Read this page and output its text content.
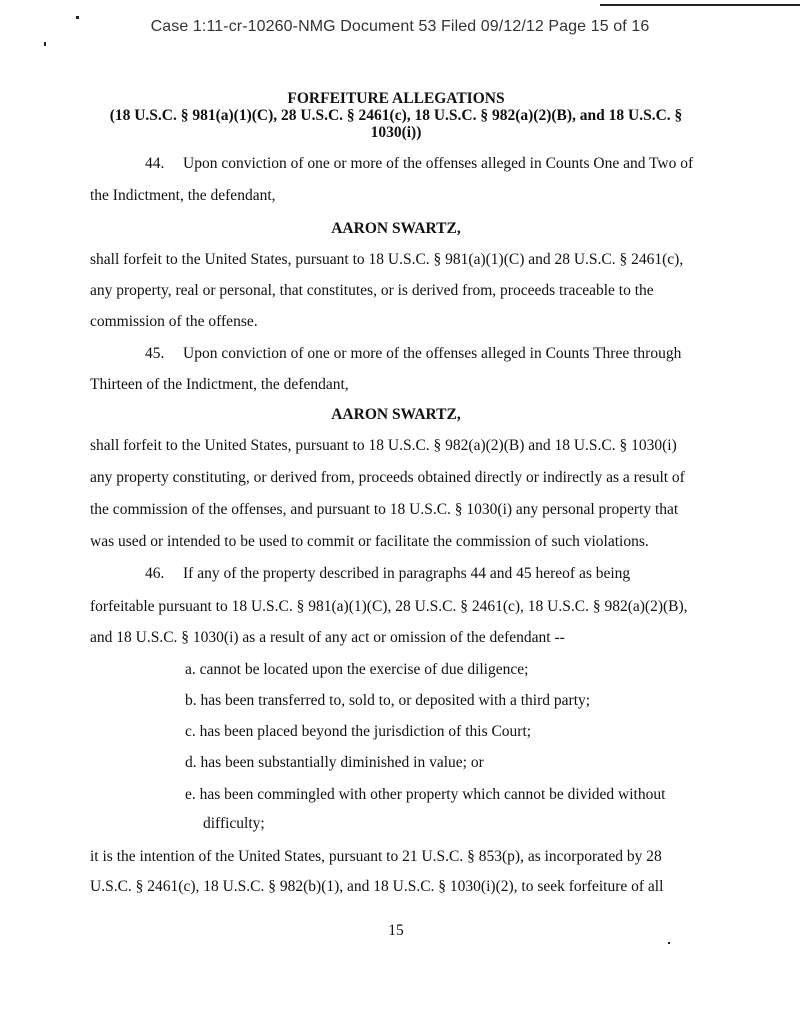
Case 1:11-cr-10260-NMG Document 53 Filed 09/12/12 Page 15 of 16
FORFEITURE ALLEGATIONS
(18 U.S.C. § 981(a)(1)(C), 28 U.S.C. § 2461(c), 18 U.S.C. § 982(a)(2)(B), and 18 U.S.C. §
1030(i))
44. Upon conviction of one or more of the offenses alleged in Counts One and Two of
the Indictment, the defendant,
AARON SWARTZ,
shall forfeit to the United States, pursuant to 18 U.S.C. § 981(a)(1)(C) and 28 U.S.C. § 2461(c),
any property, real or personal, that constitutes, or is derived from, proceeds traceable to the
commission of the offense.
45. Upon conviction of one or more of the offenses alleged in Counts Three through
Thirteen of the Indictment, the defendant,
AARON SWARTZ,
shall forfeit to the United States, pursuant to 18 U.S.C. § 982(a)(2)(B) and 18 U.S.C. § 1030(i)
any property constituting, or derived from, proceeds obtained directly or indirectly as a result of
the commission of the offenses, and pursuant to 18 U.S.C. § 1030(i) any personal property that
was used or intended to be used to commit or facilitate the commission of such violations.
46. If any of the property described in paragraphs 44 and 45 hereof as being
forfeitable pursuant to 18 U.S.C. § 981(a)(1)(C), 28 U.S.C. § 2461(c), 18 U.S.C. § 982(a)(2)(B),
and 18 U.S.C. § 1030(i) as a result of any act or omission of the defendant --
a. cannot be located upon the exercise of due diligence;
b. has been transferred to, sold to, or deposited with a third party;
c. has been placed beyond the jurisdiction of this Court;
d. has been substantially diminished in value; or
e. has been commingled with other property which cannot be divided without
difficulty;
it is the intention of the United States, pursuant to 21 U.S.C. § 853(p), as incorporated by 28
U.S.C. § 2461(c), 18 U.S.C. § 982(b)(1), and 18 U.S.C. § 1030(i)(2), to seek forfeiture of all
15
